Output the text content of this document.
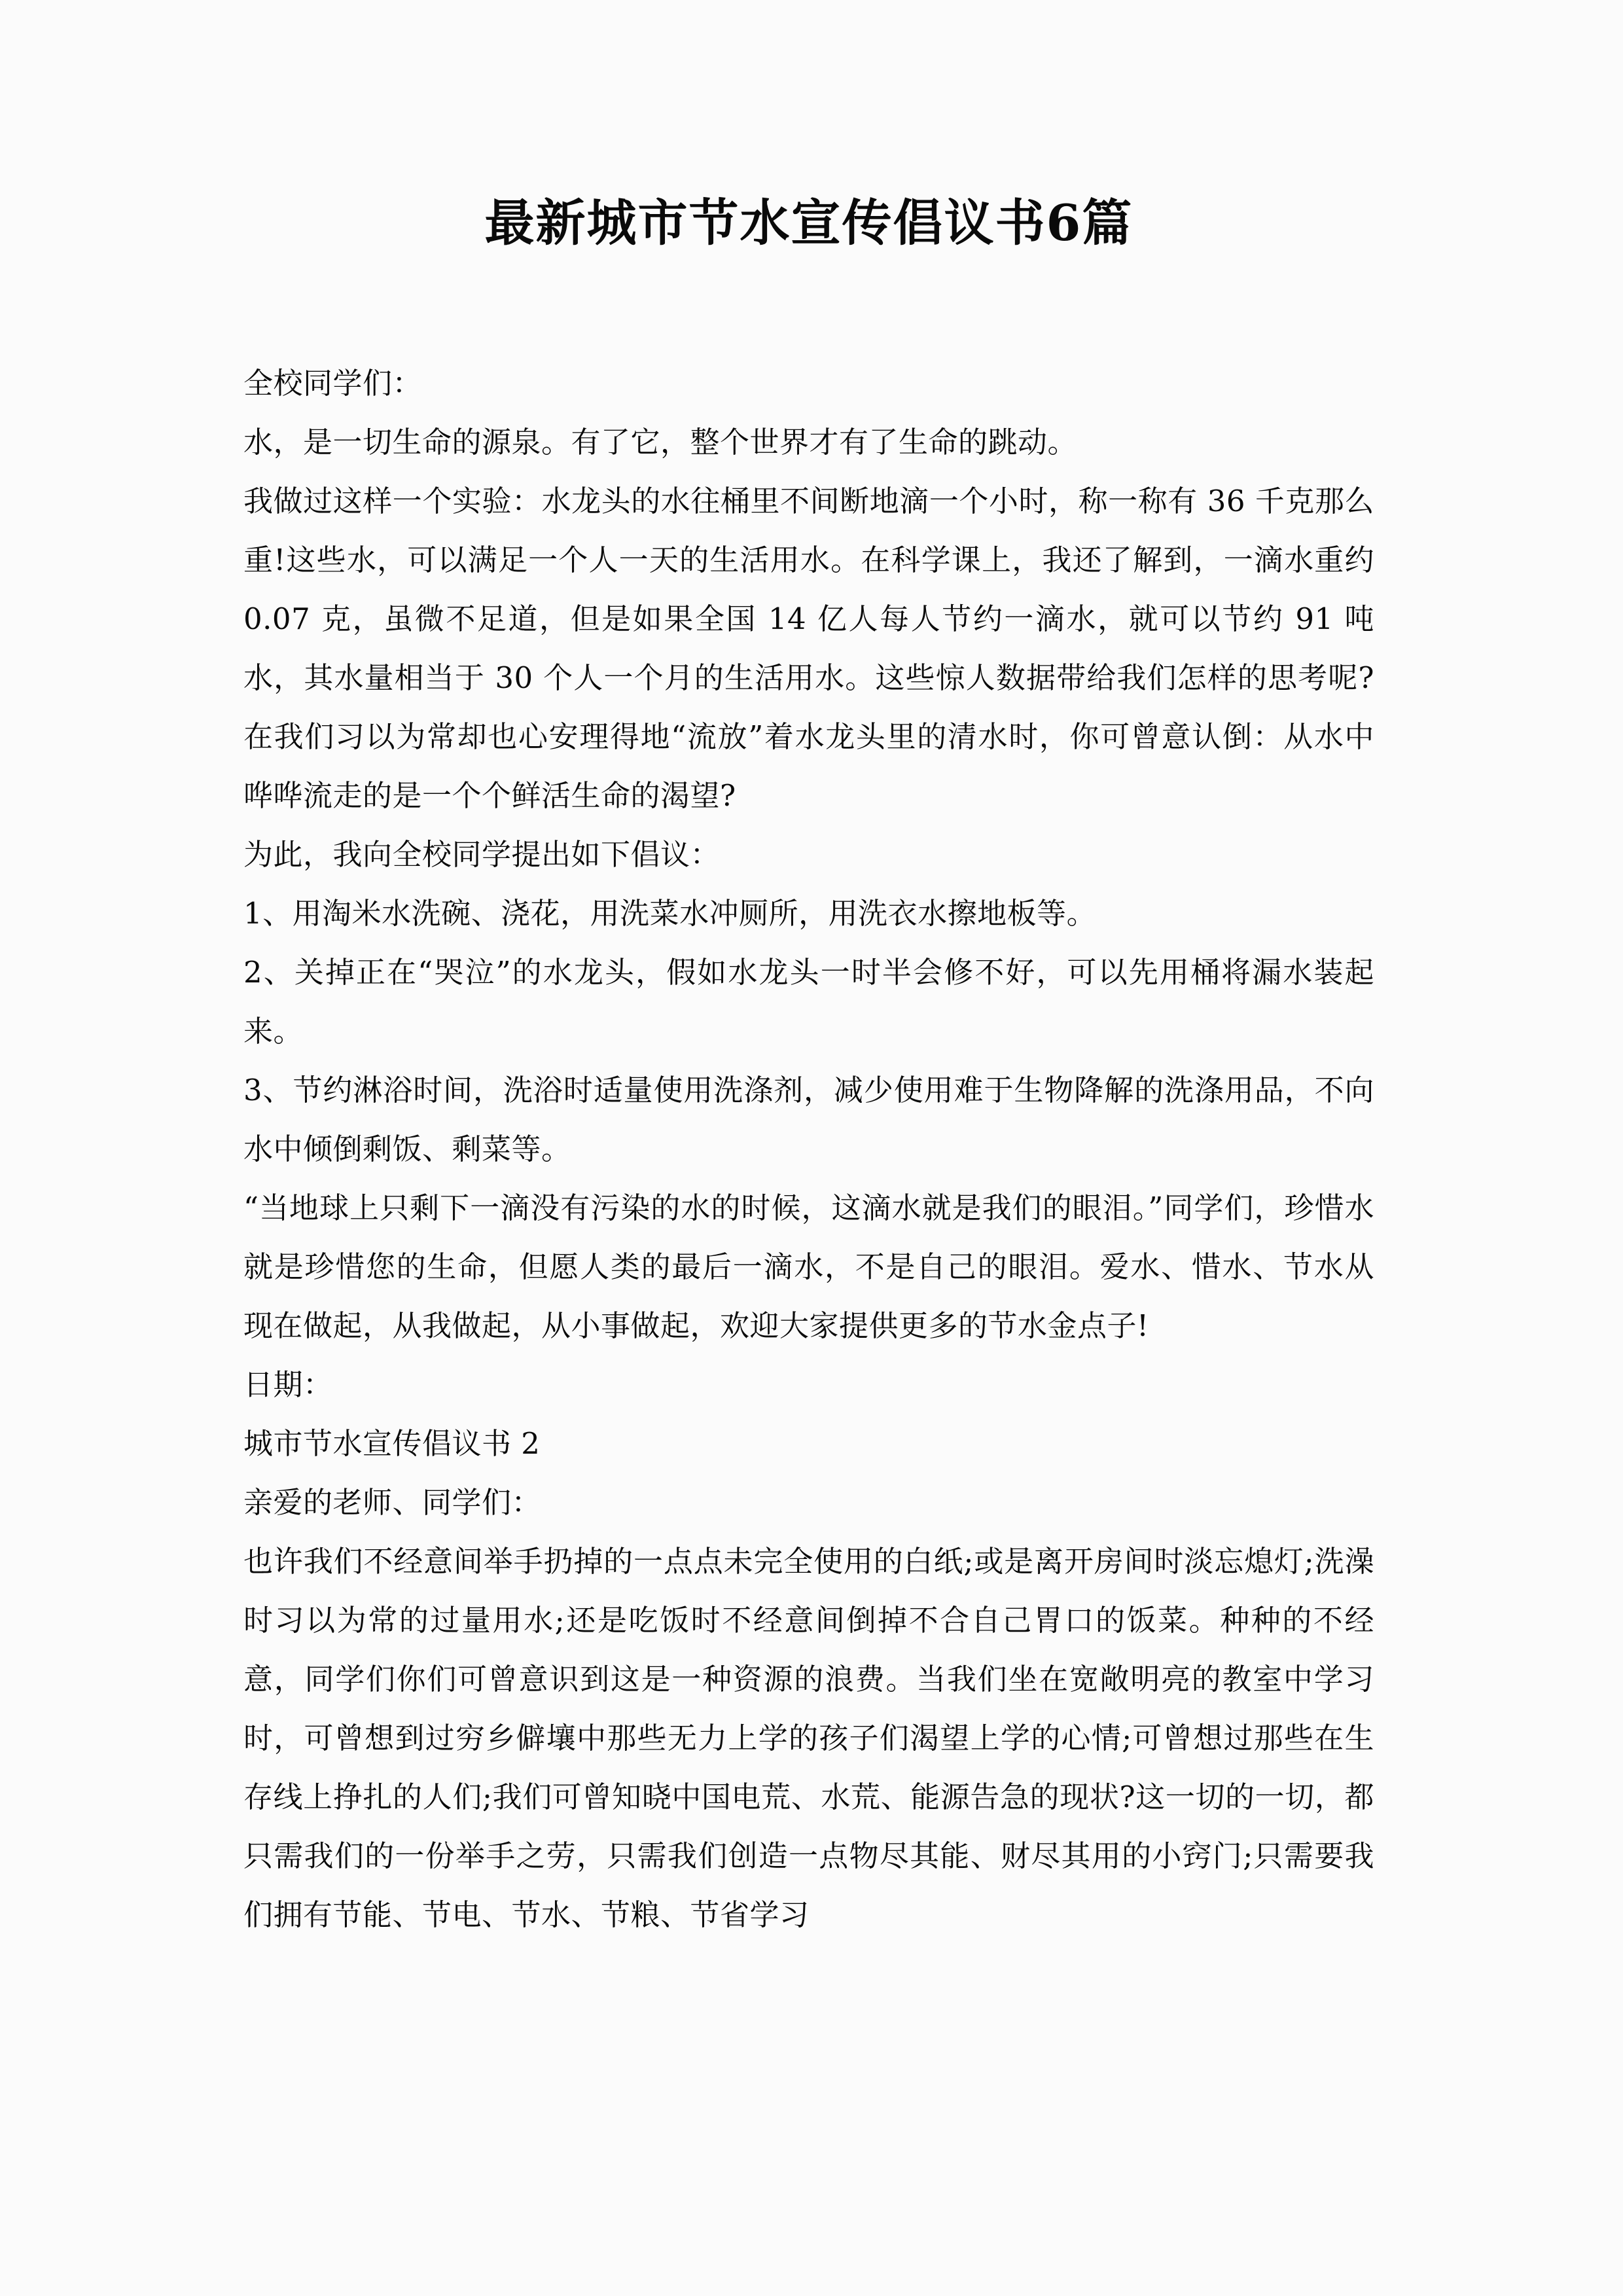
最新城市节水宣传倡议书6篇

全校同学们：

水，是一切生命的源泉。有了它，整个世界才有了生命的跳动。

我做过这样一个实验：水龙头的水往桶里不间断地滴一个小时，称一称有 36 千克那么重!这些水，可以满足一个人一天的生活用水。在科学课上，我还了解到，一滴水重约 0.07 克，虽微不足道，但是如果全国 14 亿人每人节约一滴水，就可以节约 91 吨水，其水量相当于 30 个人一个月的生活用水。这些惊人数据带给我们怎样的思考呢?在我们习以为常却也心安理得地“流放”着水龙头里的清水时，你可曾意认倒：从水中哗哗流走的是一个个鲜活生命的渴望?

为此，我向全校同学提出如下倡议：

1、用淘米水洗碗、浇花，用洗菜水冲厕所，用洗衣水擦地板等。

2、关掉正在“哭泣”的水龙头，假如水龙头一时半会修不好，可以先用桶将漏水装起来。

3、节约淋浴时间，洗浴时适量使用洗涤剂，减少使用难于生物降解的洗涤用品，不向水中倾倒剩饭、剩菜等。

“当地球上只剩下一滴没有污染的水的时候，这滴水就是我们的眼泪。”同学们，珍惜水就是珍惜您的生命，但愿人类的最后一滴水，不是自己的眼泪。爱水、惜水、节水从现在做起，从我做起，从小事做起，欢迎大家提供更多的节水金点子!

日期：

城市节水宣传倡议书 2

亲爱的老师、同学们：

也许我们不经意间举手扔掉的一点点未完全使用的白纸;或是离开房间时淡忘熄灯;洗澡时习以为常的过量用水;还是吃饭时不经意间倒掉不合自己胃口的饭菜。种种的不经意，同学们你们可曾意识到这是一种资源的浪费。当我们坐在宽敞明亮的教室中学习时，可曾想到过穷乡僻壤中那些无力上学的孩子们渴望上学的心情;可曾想过那些在生存线上挣扎的人们;我们可曾知晓中国电荒、水荒、能源告急的现状?这一切的一切，都只需我们的一份举手之劳，只需我们创造一点物尽其能、财尽其用的小窍门;只需要我们拥有节能、节电、节水、节粮、节省学习
